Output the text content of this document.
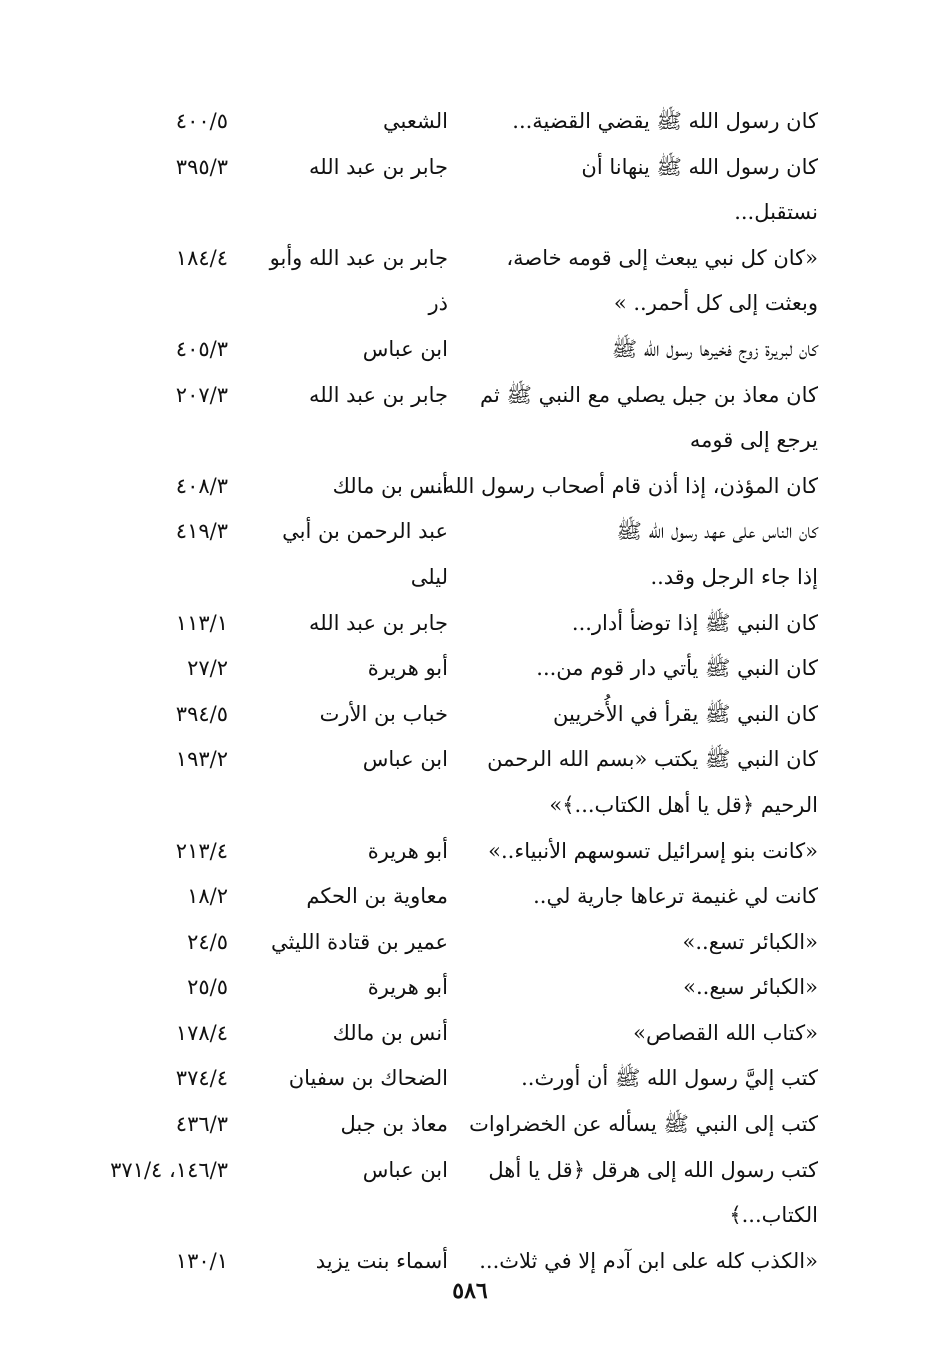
كان رسول الله ﷺ يقضي القضية...
الشعبي
٤٠٠/٥
كان رسول الله ﷺ ينهانا أن
جابر بن عبد الله
٣٩٥/٣
نستقبل...
«كان كل نبي يبعث إلى قومه خاصة،
جابر بن عبد الله وأبو
١٨٤/٤
وبعثت إلى كل أحمر.. »
ذر
كان لبريرة زوج فخيرها رسول الله ﷺ
ابن عباس
٤٠٥/٣
كان معاذ بن جبل يصلي مع النبي ﷺ ثم
جابر بن عبد الله
٢٠٧/٣
يرجع إلى قومه
كان المؤذن، إذا أذن قام أصحاب رسول الله...
أنس بن مالك
٤٠٨/٣
كان الناس على عهد رسول الله ﷺ
عبد الرحمن بن أبي
٤١٩/٣
إذا جاء الرجل وقد..
ليلى
كان النبي ﷺ إذا توضأ أدار...
جابر بن عبد الله
١١٣/١
كان النبي ﷺ يأتي دار قوم من...
أبو هريرة
٢٧/٢
كان النبي ﷺ يقرأ في الأُخريين
خباب بن الأرت
٣٩٤/٥
كان النبي ﷺ يكتب «بسم الله الرحمن
ابن عباس
١٩٣/٢
الرحيم ﴿قل يا أهل الكتاب...﴾»
«كانت بنو إسرائيل تسوسهم الأنبياء..»
أبو هريرة
٢١٣/٤
كانت لي غنيمة ترعاها جارية لي..
معاوية بن الحكم
١٨/٢
«الكبائر تسع..»
عمير بن قتادة الليثي
٢٤/٥
«الكبائر سبع..»
أبو هريرة
٢٥/٥
«كتاب الله القصاص»
أنس بن مالك
١٧٨/٤
كتب إليَّ رسول الله ﷺ أن أورث..
الضحاك بن سفيان
٣٧٤/٤
كتب إلى النبي ﷺ يسأله عن الخضراوات
معاذ بن جبل
٤٣٦/٣
كتب رسول الله إلى هرقل ﴿قل يا أهل
ابن عباس
١٤٦/٣، ٣٧١/٤
الكتاب...﴾
«الكذب كله على ابن آدم إلا في ثلاث...
أسماء بنت يزيد
١٣٠/١
٥٨٦
